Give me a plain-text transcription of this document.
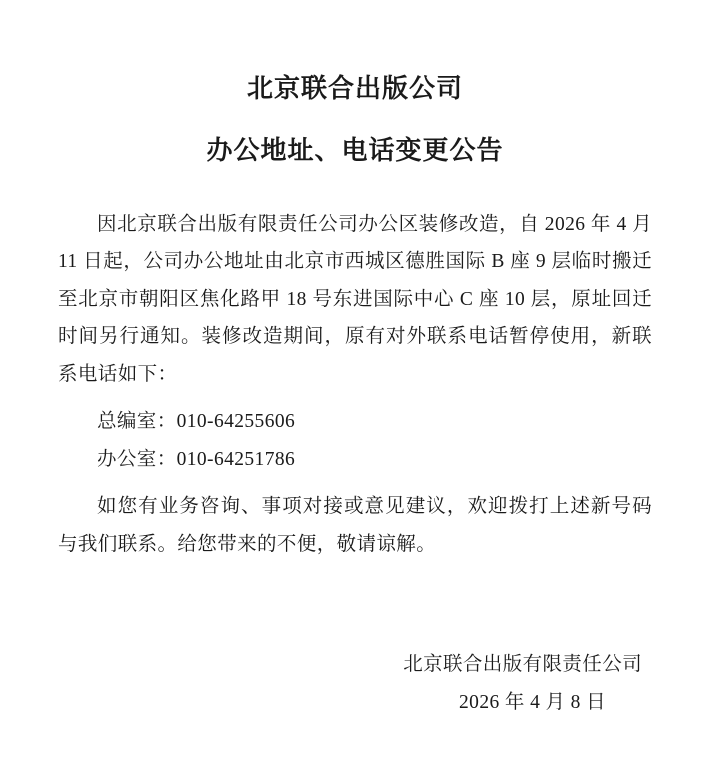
北京联合出版公司
办公地址、电话变更公告

因北京联合出版有限责任公司办公区装修改造，自 2026 年 4 月 11 日起，公司办公地址由北京市西城区德胜国际 B 座 9 层临时搬迁至北京市朝阳区焦化路甲 18 号东进国际中心 C 座 10 层，原址回迁时间另行通知。装修改造期间，原有对外联系电话暂停使用，新联系电话如下：

总编室：010-64255606

办公室：010-64251786

如您有业务咨询、事项对接或意见建议，欢迎拨打上述新号码与我们联系。给您带来的不便，敬请谅解。

北京联合出版有限责任公司
2026 年 4 月 8 日
